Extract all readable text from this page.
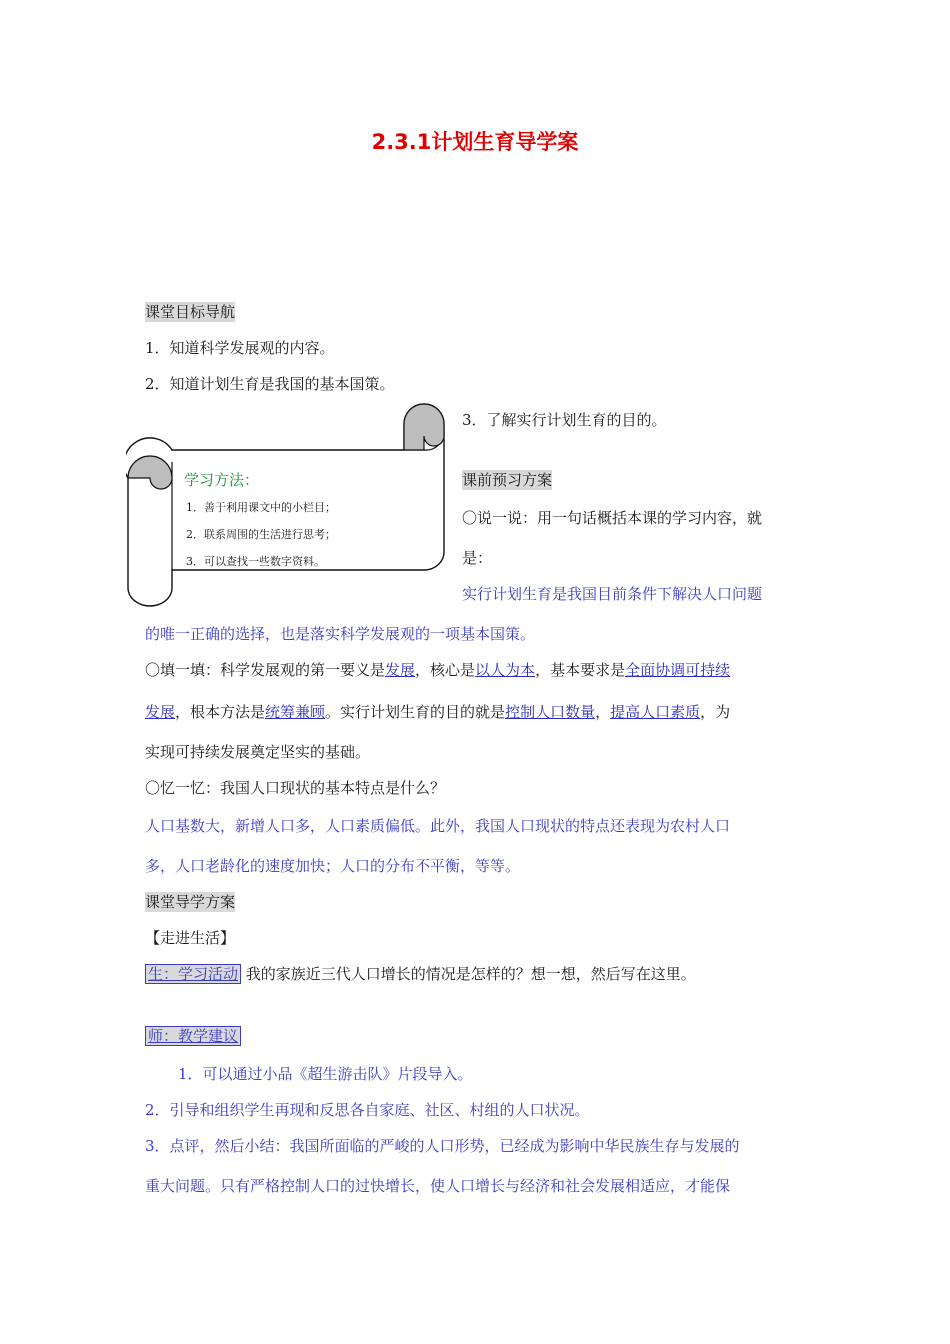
2.3.1计划生育导学案
课堂目标导航
1．知道科学发展观的内容。
2．知道计划生育是我国的基本国策。
3．了解实行计划生育的目的。
学习方法：
1．善于利用课文中的小栏目；
2．联系周围的生活进行思考；
3．可以查找一些数字资料。
课前预习方案
〇说一说：用一句话概括本课的学习内容，就
是：
实行计划生育是我国目前条件下解决人口问题
的唯一正确的选择，也是落实科学发展观的一项基本国策。
〇填一填：科学发展观的第一要义是发展，核心是以人为本，基本要求是全面协调可持续
发展，根本方法是统筹兼顾。实行计划生育的目的就是控制人口数量，提高人口素质，为
实现可持续发展奠定坚实的基础。
〇忆一忆：我国人口现状的基本特点是什么？
人口基数大，新增人口多，人口素质偏低。此外，我国人口现状的特点还表现为农村人口
多，人口老龄化的速度加快；人口的分布不平衡，等等。
课堂导学方案
【走进生活】
生：学习活动 我的家族近三代人口增长的情况是怎样的？想一想，然后写在这里。
师：教学建议
1．可以通过小品《超生游击队》片段导入。
2．引导和组织学生再现和反思各自家庭、社区、村组的人口状况。
3．点评，然后小结：我国所面临的严峻的人口形势，已经成为影响中华民族生存与发展的
重大问题。只有严格控制人口的过快增长，使人口增长与经济和社会发展相适应，才能保
